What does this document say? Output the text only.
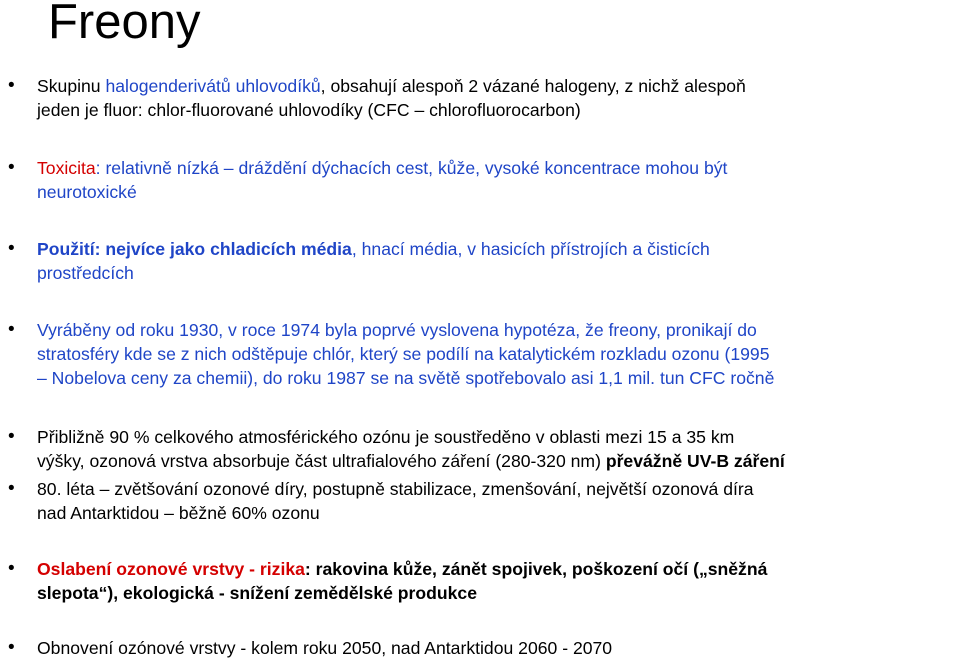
Freony
• Skupinu halogenderivátů uhlovodíků, obsahují alespoň 2 vázané halogeny, z nichž alespoň
jeden je fluor: chlor-fluorované uhlovodíky (CFC – chlorofluorocarbon)
• Toxicita: relativně nízká – dráždění dýchacích cest, kůže, vysoké koncentrace mohou být
neurotoxické
• Použití: nejvíce jako chladicích média, hnací média, v hasicích přístrojích a čisticích
prostředcích
• Vyráběny od roku 1930, v roce 1974 byla poprvé vyslovena hypotéza, že freony, pronikají do
stratosféry kde se z nich odštěpuje chlór, který se podílí na katalytickém rozkladu ozonu (1995
– Nobelova ceny za chemii), do roku 1987 se na světě spotřebovalo asi 1,1 mil. tun CFC ročně
• Přibližně 90 % celkového atmosférického ozónu je soustředěno v oblasti mezi 15 a 35 km
výšky, ozonová vrstva absorbuje část ultrafialového záření (280-320 nm) převážně UV-B záření
• 80. léta – zvětšování ozonové díry, postupně stabilizace, zmenšování, největší ozonová díra
nad Antarktidou – běžně 60% ozonu
• Oslabení ozonové vrstvy - rizika: rakovina kůže, zánět spojivek, poškození očí („sněžná
slepota“), ekologická - snížení zemědělské produkce
• Obnovení ozónové vrstvy - kolem roku 2050, nad Antarktidou 2060 - 2070
